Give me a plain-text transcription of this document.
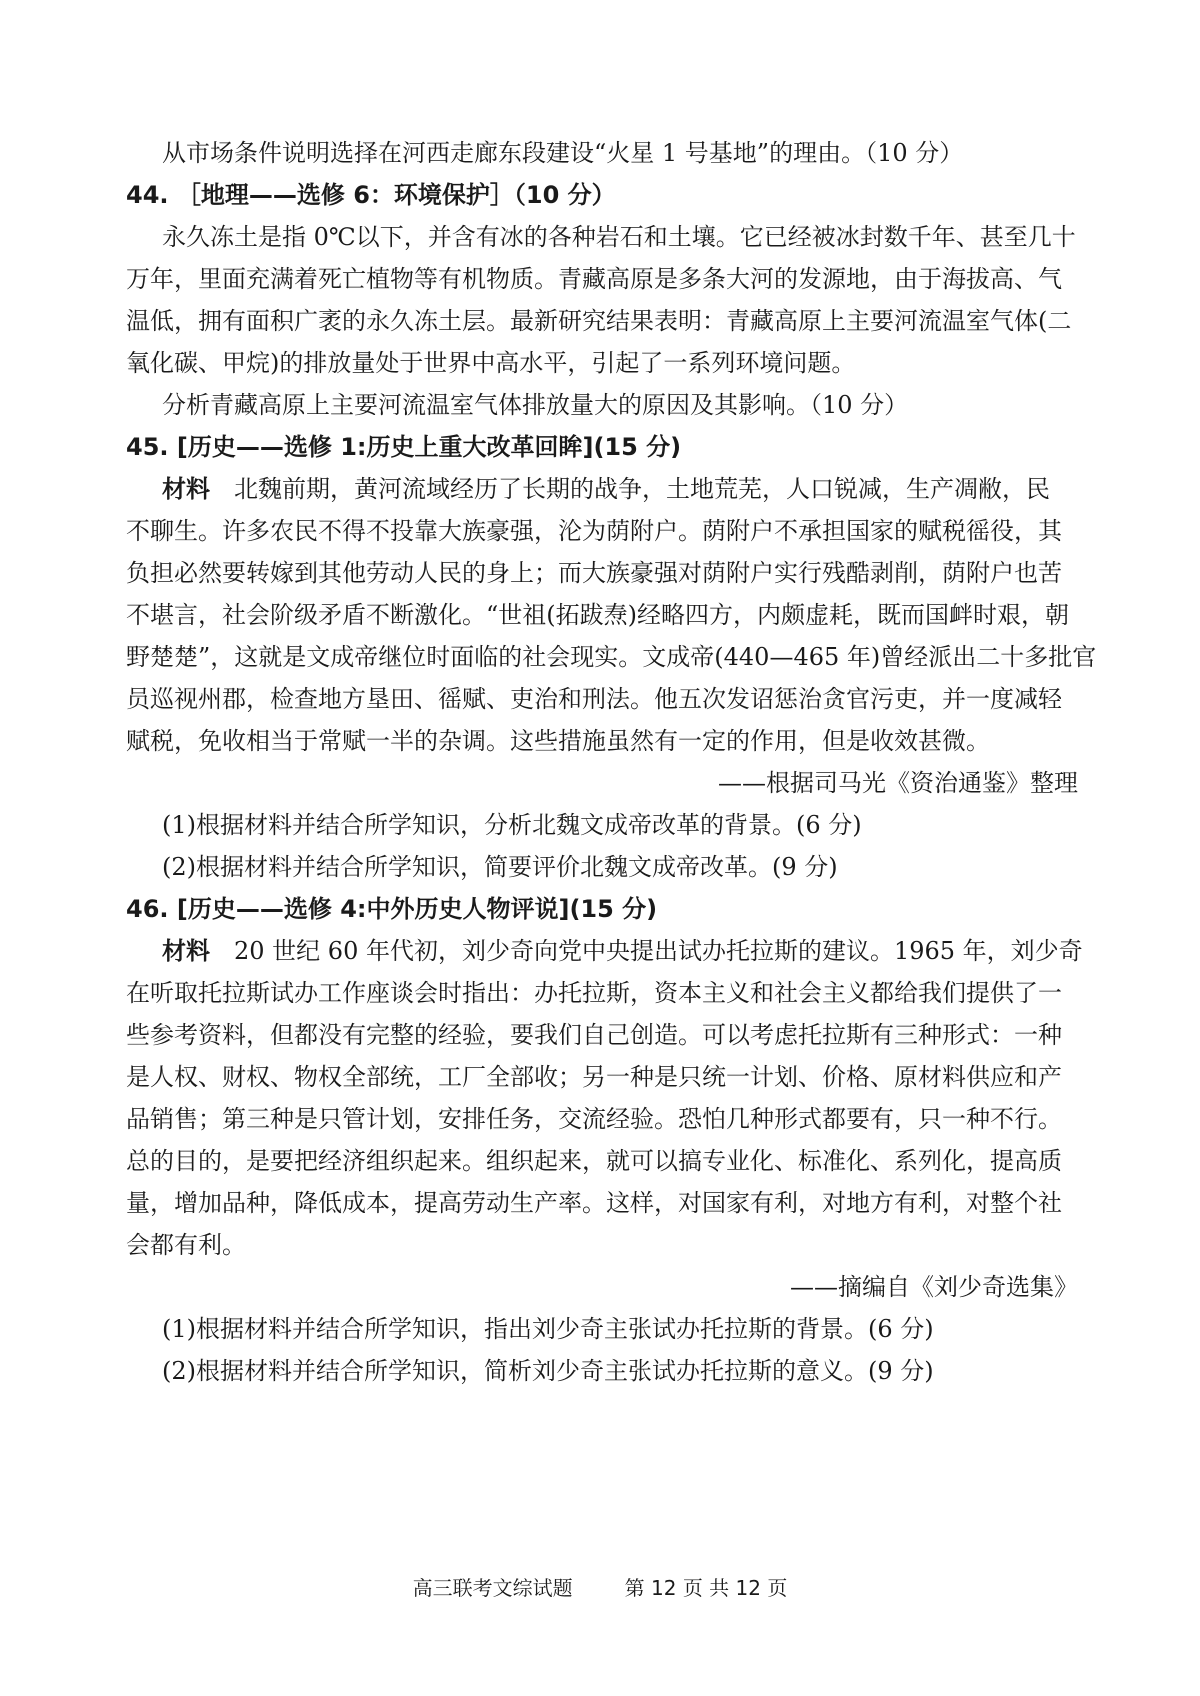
从市场条件说明选择在河西走廊东段建设“火星 1 号基地”的理由。（10 分）

44. ［地理——选修 6：环境保护］（10 分）

永久冻土是指 0℃以下，并含有冰的各种岩石和土壤。它已经被冰封数千年、甚至几十

万年，里面充满着死亡植物等有机物质。青藏高原是多条大河的发源地，由于海拔高、气

温低，拥有面积广袤的永久冻土层。最新研究结果表明：青藏高原上主要河流温室气体(二

氧化碳、甲烷)的排放量处于世界中高水平，引起了一系列环境问题。

分析青藏高原上主要河流温室气体排放量大的原因及其影响。（10 分）

45. [历史——选修 1:历史上重大改革回眸](15 分)

材料  北魏前期，黄河流域经历了长期的战争，土地荒芜，人口锐减，生产凋敝，民

不聊生。许多农民不得不投靠大族豪强，沦为荫附户。荫附户不承担国家的赋税徭役，其

负担必然要转嫁到其他劳动人民的身上；而大族豪强对荫附户实行残酷剥削，荫附户也苦

不堪言，社会阶级矛盾不断激化。“世祖(拓跋焘)经略四方，内颇虚耗，既而国衅时艰，朝

野楚楚”，这就是文成帝继位时面临的社会现实。文成帝(440—465 年)曾经派出二十多批官

员巡视州郡，检查地方垦田、徭赋、吏治和刑法。他五次发诏惩治贪官污吏，并一度减轻

赋税，免收相当于常赋一半的杂调。这些措施虽然有一定的作用，但是收效甚微。

——根据司马光《资治通鉴》整理

(1)根据材料并结合所学知识，分析北魏文成帝改革的背景。(6 分)

(2)根据材料并结合所学知识，简要评价北魏文成帝改革。(9 分)

46. [历史——选修 4:中外历史人物评说](15 分)

材料  20 世纪 60 年代初，刘少奇向党中央提出试办托拉斯的建议。1965 年，刘少奇

在听取托拉斯试办工作座谈会时指出：办托拉斯，资本主义和社会主义都给我们提供了一

些参考资料，但都没有完整的经验，要我们自己创造。可以考虑托拉斯有三种形式：一种

是人权、财权、物权全部统，工厂全部收；另一种是只统一计划、价格、原材料供应和产

品销售；第三种是只管计划，安排任务，交流经验。恐怕几种形式都要有，只一种不行。

总的目的，是要把经济组织起来。组织起来，就可以搞专业化、标准化、系列化，提高质

量，增加品种，降低成本，提高劳动生产率。这样，对国家有利，对地方有利，对整个社

会都有利。

——摘编自《刘少奇选集》

(1)根据材料并结合所学知识，指出刘少奇主张试办托拉斯的背景。(6 分)

(2)根据材料并结合所学知识，简析刘少奇主张试办托拉斯的意义。(9 分)

高三联考文综试题	第 12 页 共 12 页
